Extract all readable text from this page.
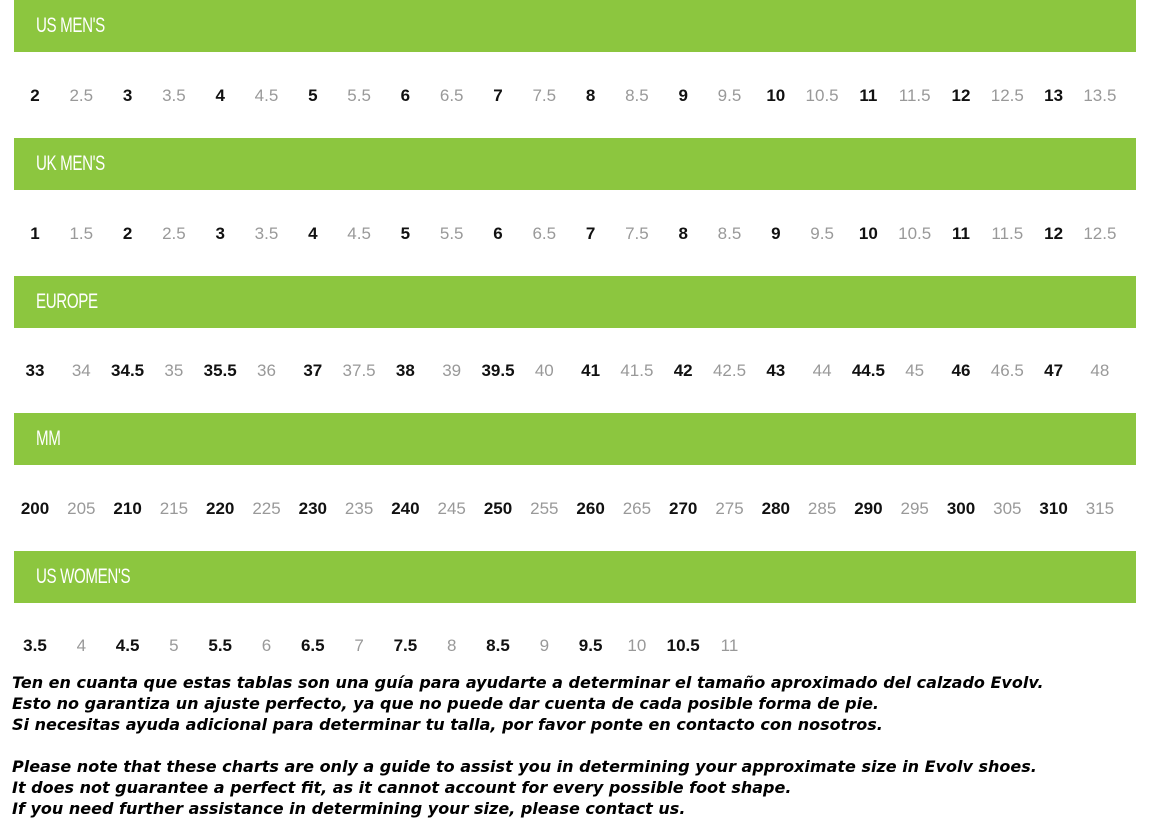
US MEN'S
2	2.5	3	3.5	4	4.5	5	5.5	6	6.5	7	7.5	8	8.5	9	9.5	10	10.5	11	11.5	12	12.5	13	13.5
UK MEN'S
1	1.5	2	2.5	3	3.5	4	4.5	5	5.5	6	6.5	7	7.5	8	8.5	9	9.5	10	10.5	11	11.5	12	12.5
EUROPE
33	34	34.5	35	35.5	36	37	37.5	38	39	39.5	40	41	41.5	42	42.5	43	44	44.5	45	46	46.5	47	48
MM
200	205	210	215	220	225	230	235	240	245	250	255	260	265	270	275	280	285	290	295	300	305	310	315
US WOMEN'S
3.5	4	4.5	5	5.5	6	6.5	7	7.5	8	8.5	9	9.5	10	10.5	11

Ten en cuanta que estas tablas son una guía para ayudarte a determinar el tamaño aproximado del calzado Evolv.

Esto no garantiza un ajuste perfecto, ya que no puede dar cuenta de cada posible forma de pie.

Si necesitas ayuda adicional para determinar tu talla, por favor ponte en contacto con nosotros.

Please note that these charts are only a guide to assist you in determining your approximate size in Evolv shoes.

It does not guarantee a perfect fit, as it cannot account for every possible foot shape.

If you need further assistance in determining your size, please contact us.
